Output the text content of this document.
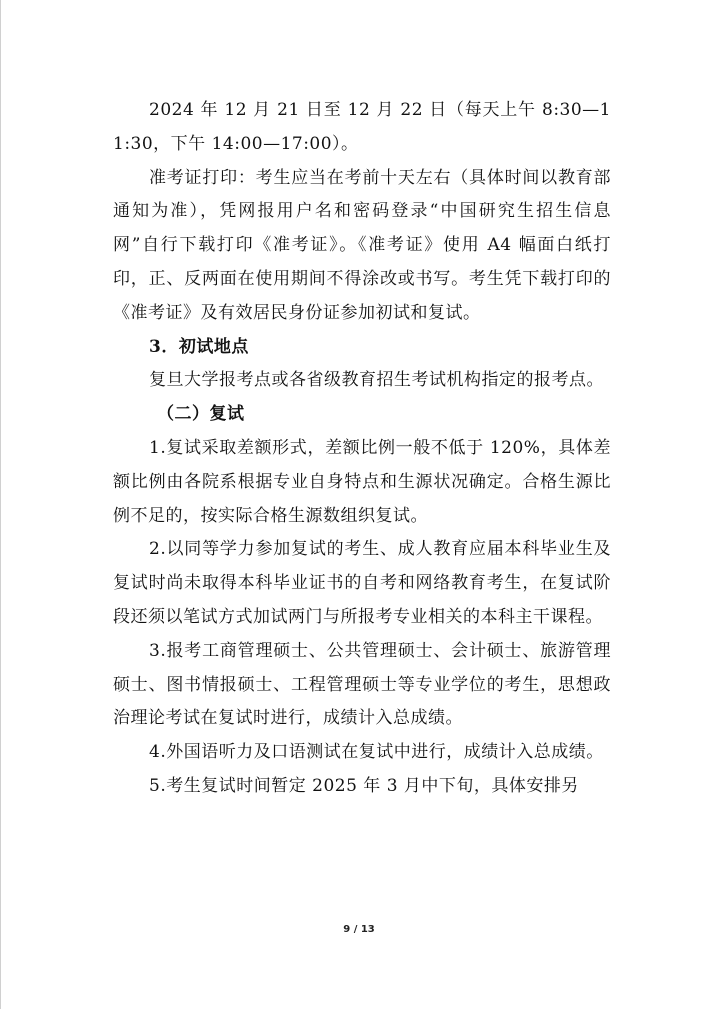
2024 年 12 月 21 日至 12 月 22 日（每天上午 8:30—11:30，下午 14:00—17:00）。

准考证打印：考生应当在考前十天左右（具体时间以教育部通知为准），凭网报用户名和密码登录“中国研究生招生信息网”自行下载打印《准考证》。《准考证》使用 A4 幅面白纸打印，正、反两面在使用期间不得涂改或书写。考生凭下载打印的《准考证》及有效居民身份证参加初试和复试。

3．初试地点

复旦大学报考点或各省级教育招生考试机构指定的报考点。

（二）复试

1.复试采取差额形式，差额比例一般不低于 120%，具体差额比例由各院系根据专业自身特点和生源状况确定。合格生源比例不足的，按实际合格生源数组织复试。

2.以同等学力参加复试的考生、成人教育应届本科毕业生及复试时尚未取得本科毕业证书的自考和网络教育考生，在复试阶段还须以笔试方式加试两门与所报考专业相关的本科主干课程。

3.报考工商管理硕士、公共管理硕士、会计硕士、旅游管理硕士、图书情报硕士、工程管理硕士等专业学位的考生，思想政治理论考试在复试时进行，成绩计入总成绩。

4.外国语听力及口语测试在复试中进行，成绩计入总成绩。

5.考生复试时间暂定 2025 年 3 月中下旬，具体安排另

9 / 13
